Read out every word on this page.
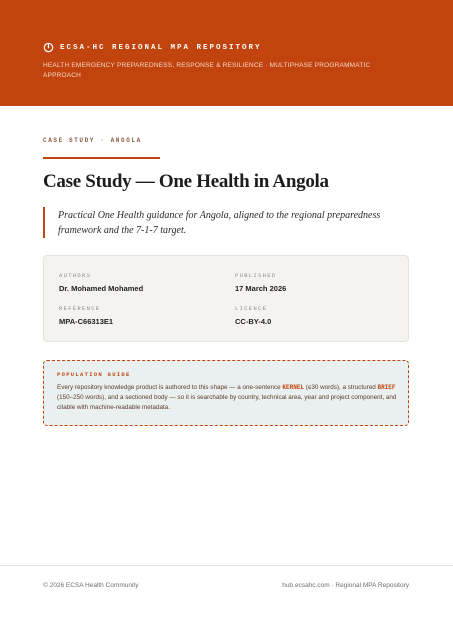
ECSA-HC REGIONAL MPA REPOSITORY
HEALTH EMERGENCY PREPAREDNESS, RESPONSE & RESILIENCE · MULTIPHASE PROGRAMMATIC APPROACH
CASE STUDY · ANGOLA
Case Study — One Health in Angola
Practical One Health guidance for Angola, aligned to the regional preparedness framework and the 7-1-7 target.
AUTHORS
Dr. Mohamed Mohamed
PUBLISHED
17 March 2026
REFERENCE
MPA-C66313E1
LICENCE
CC-BY-4.0
POPULATION GUIDE
Every repository knowledge product is authored to this shape — a one-sentence KERNEL (≤30 words), a structured BRIEF (150–250 words), and a sectioned body — so it is searchable by country, technical area, year and project component, and citable with machine-readable metadata.
© 2026 ECSA Health Community	hub.ecsahc.com · Regional MPA Repository
